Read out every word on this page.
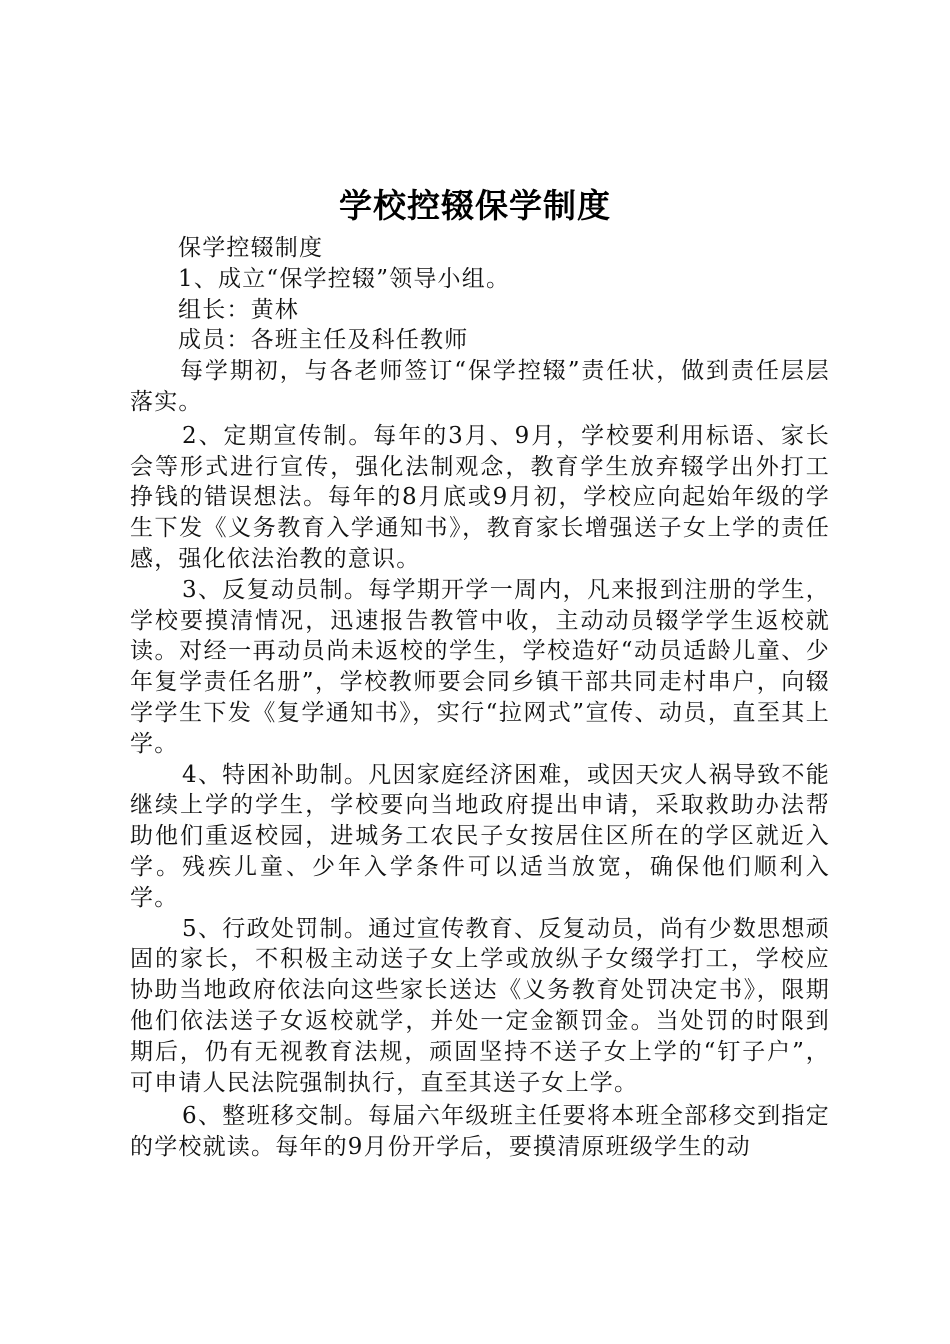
学校控辍保学制度

保学控辍制度

1、成立“保学控辍”领导小组。

组长：黄林

成员：各班主任及科任教师

每学期初，与各老师签订“保学控辍”责任状，做到责任层层落实。

2、定期宣传制。每年的3月、9月，学校要利用标语、家长会等形式进行宣传，强化法制观念，教育学生放弃辍学出外打工挣钱的错误想法。每年的8月底或9月初，学校应向起始年级的学生下发《义务教育入学通知书》，教育家长增强送子女上学的责任感，强化依法治教的意识。

3、反复动员制。每学期开学一周内，凡来报到注册的学生，学校要摸清情况，迅速报告教管中收，主动动员辍学学生返校就读。对经一再动员尚未返校的学生，学校造好“动员适龄儿童、少年复学责任名册”，学校教师要会同乡镇干部共同走村串户，向辍学学生下发《复学通知书》，实行“拉网式”宣传、动员，直至其上学。

4、特困补助制。凡因家庭经济困难，或因天灾人祸导致不能继续上学的学生，学校要向当地政府提出申请，采取救助办法帮助他们重返校园，进城务工农民子女按居住区所在的学区就近入学。残疾儿童、少年入学条件可以适当放宽，确保他们顺利入学。

5、行政处罚制。通过宣传教育、反复动员，尚有少数思想顽固的家长，不积极主动送子女上学或放纵子女缀学打工，学校应协助当地政府依法向这些家长送达《义务教育处罚决定书》，限期他们依法送子女返校就学，并处一定金额罚金。当处罚的时限到期后，仍有无视教育法规，顽固坚持不送子女上学的“钉子户”，可申请人民法院强制执行，直至其送子女上学。

6、整班移交制。每届六年级班主任要将本班全部移交到指定的学校就读。每年的9月份开学后，要摸清原班级学生的动
